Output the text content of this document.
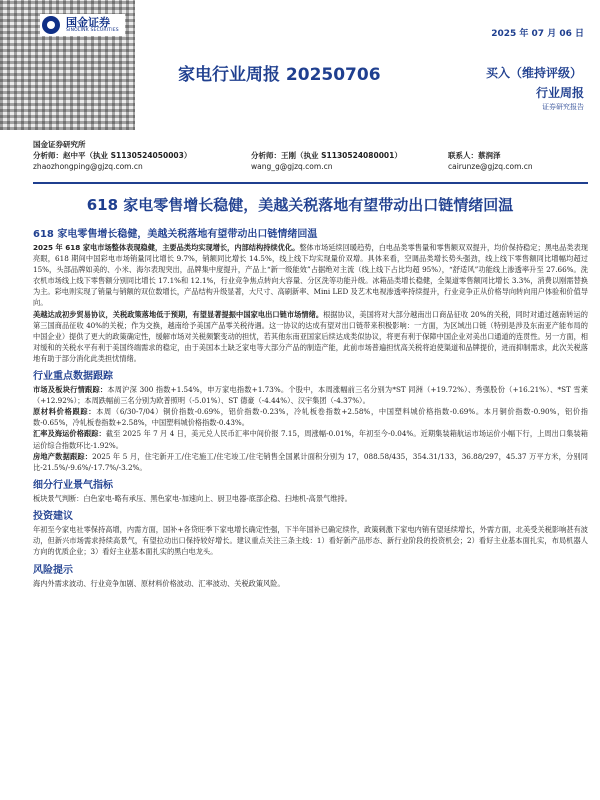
国金证券
SINOLINK SECURITIES	2025 年 07 月 06 日
家电行业周报 20250706	买入（维持评级）
行业周报
证券研究报告
国金证券研究所
分析师：赵中平（执业 S1130524050003）	分析师：王刚（执业 S1130524080001）	联系人：蔡润泽
zhaozhongping@gjzq.com.cn	wang_g@gjzq.com.cn	cairunze@gjzq.com.cn
618 家电零售增长稳健，美越关税落地有望带动出口链情绪回温
618 家电零售增长稳健，美越关税落地有望带动出口链情绪回温

2025 年 618 家电市场整体表现稳健，主要品类均实现增长，内部结构持续优化。整体市场延续回暖趋势，白电品类零售量和零售额双双提升，均价保持稳定；黑电品类表现亮眼，618 期间中国彩电市场销量同比增长 9.7%，销额同比增长 14.5%，线上线下均实现量价双增。具体来看，空调品类增长势头强劲，线上线下零售额同比增幅均超过 15%，头部品牌如美的、小米、海尔表现突出，品牌集中度提升，产品上“新一级能效”占据绝对主流（线上线下占比均超 95%），“舒适风”功能线上渗透率升至 27.66%。洗衣机市场线上线下零售额分别同比增长 17.1%和 12.1%，行业竞争焦点转向大容量、分区洗等功能升级。冰箱品类增长稳健，全渠道零售额同比增长 3.3%，消费以刚需替换为主。彩电则实现了销量与销额的双位数增长，产品结构升级显著，大尺寸、高刷新率、Mini LED 及艺术电视渗透率持续提升，行业竞争正从价格导向转向用户体验和价值导向。

美越达成初步贸易协议，关税政策落地低于预期，有望显著提振中国家电出口链市场情绪。根据协议，美国将对大部分越南出口商品征收 20%的关税，同时对通过越南转运的第三国商品征收 40%的关税；作为交换，越南给予美国产品零关税待遇。这一协议的达成有望对出口链带来积极影响：一方面，为区域出口链（特别是涉及东南亚产能布局的中国企业）提供了更大的政策确定性，缓解市场对关税频繁变动的担忧，若其他东南亚国家后续达成类似协议，将更有利于保障中国企业对美出口通道的连贯性。另一方面，相对缓和的关税水平有利于美国终端需求的稳定，由于美国本土缺乏家电等大部分产品的制造产能，此前市场普遍担忧高关税将迫使渠道和品牌提价，进而抑制需求，此次关税落地有助于部分消化此类担忧情绪。

行业重点数据跟踪

市场及板块行情跟踪：本周沪深 300 指数+1.54%，申万家电指数+1.73%。个股中，本周涨幅前三名分别为*ST 同洲（+19.72%）、秀强股份（+16.21%）、*ST 雪莱（+12.92%）；本周跌幅前三名分别为欧普照明（-5.01%）、ST 德豪（-4.44%）、汉宇集团（-4.37%）。

原材料价格跟踪：本周（6/30-7/04）铜价指数-0.69%，铝价指数-0.23%，冷轧板卷指数+2.58%，中国塑料城价格指数-0.69%。本月铜价指数-0.90%，铝价指数-0.65%，冷轧板卷指数+2.58%，中国塑料城价格指数-0.43%。

汇率及海运价格跟踪：截至 2025 年 7 月 4 日，美元兑人民币汇率中间价报 7.15，周涨幅-0.01%，年初至今-0.04%。近期集装箱航运市场运价小幅下行，上周出口集装箱运价综合指数环比-1.92%。

房地产数据跟踪：2025 年 5 月，住宅新开工/住宅施工/住宅竣工/住宅销售全国累计面积分别为 17，088.58/435，354.31/133，36.88/297，45.37 万平方米，分别同比-21.5%/-9.6%/-17.7%/-3.2%。

细分行业景气指标

板块景气判断：白色家电-略有承压、黑色家电-加速向上、厨卫电器-底部企稳、扫地机-高景气维持。

投资建议

年初至今家电社零保持高增，内需方面，国补+各贷旺季下家电增长确定性强，下半年国补已确定续作，政策刺激下家电内销有望延续增长，外需方面，北美受关税影响甚有波动，但新兴市场需求持续高景气，有望拉动出口保持较好增长。建议重点关注三条主线：1）看好新产品形态、新行业阶段的投资机会；2）看好主业基本面扎实，布局机器人方向的优质企业；3）看好主业基本面扎实的黑白电龙头。

风险提示

海内外需求波动、行业竞争加剧、原材料价格波动、汇率波动、关税政策风险。
